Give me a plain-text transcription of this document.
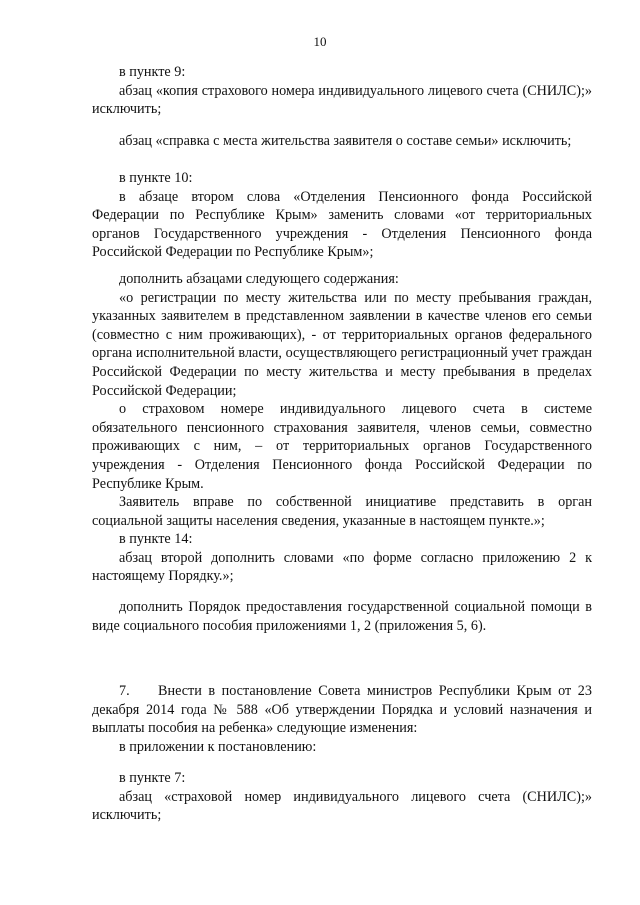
10
в пункте 9:
абзац «копия страхового номера индивидуального лицевого счета (СНИЛС);» исключить;
абзац «справка с места жительства заявителя о составе семьи» исключить;
в пункте 10:
в абзаце втором слова «Отделения Пенсионного фонда Российской Федерации по Республике Крым» заменить словами «от территориальных органов Государственного учреждения - Отделения Пенсионного фонда Российской Федерации по Республике Крым»;
дополнить абзацами следующего содержания:
«о регистрации по месту жительства или по месту пребывания граждан, указанных заявителем в представленном заявлении в качестве членов его семьи (совместно с ним проживающих), - от территориальных органов федерального органа исполнительной власти, осуществляющего регистрационный учет граждан Российской Федерации по месту жительства и месту пребывания в пределах Российской Федерации;
о страховом номере индивидуального лицевого счета в системе обязательного пенсионного страхования заявителя, членов семьи, совместно проживающих с ним, – от территориальных органов Государственного учреждения - Отделения Пенсионного фонда Российской Федерации по Республике Крым.
Заявитель вправе по собственной инициативе представить в орган социальной защиты населения сведения, указанные в настоящем пункте.»;
в пункте 14:
абзац второй дополнить словами «по форме согласно приложению 2 к настоящему Порядку.»;
дополнить Порядок предоставления государственной социальной помощи в виде социального пособия приложениями 1, 2 (приложения 5, 6).
7.  Внести в постановление Совета министров Республики Крым от 23 декабря 2014 года № 588 «Об утверждении Порядка и условий назначения и выплаты пособия на ребенка» следующие изменения:
в приложении к постановлению:
в пункте 7:
абзац «страховой номер индивидуального лицевого счета (СНИЛС);» исключить;
